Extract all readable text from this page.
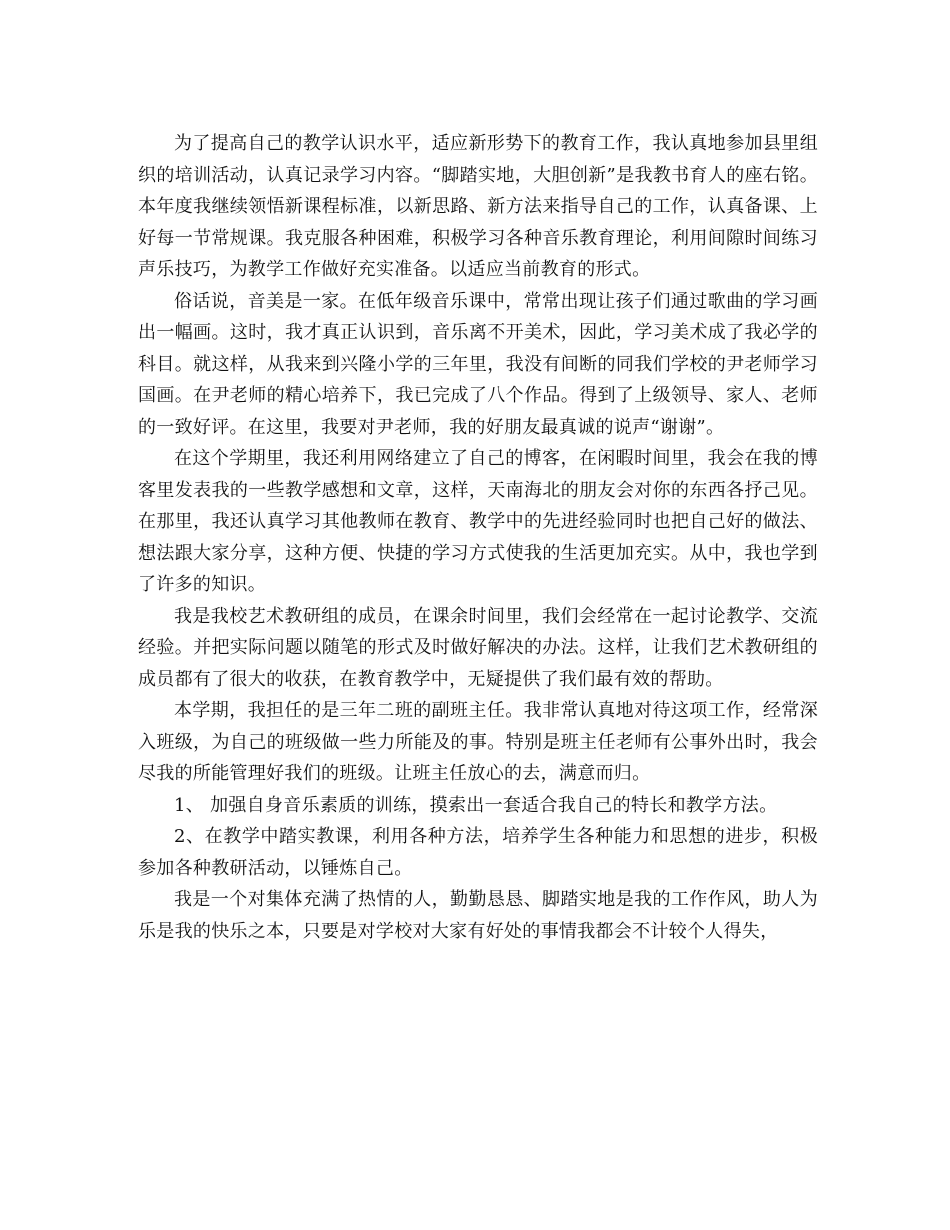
为了提高自己的教学认识水平，适应新形势下的教育工作，我认真地参加县里组织的培训活动，认真记录学习内容。“脚踏实地，大胆创新”是我教书育人的座右铭。本年度我继续领悟新课程标准，以新思路、新方法来指导自己的工作，认真备课、上好每一节常规课。我克服各种困难，积极学习各种音乐教育理论，利用间隙时间练习声乐技巧，为教学工作做好充实准备。以适应当前教育的形式。

俗话说，音美是一家。在低年级音乐课中，常常出现让孩子们通过歌曲的学习画出一幅画。这时，我才真正认识到，音乐离不开美术，因此，学习美术成了我必学的科目。就这样，从我来到兴隆小学的三年里，我没有间断的同我们学校的尹老师学习国画。在尹老师的精心培养下，我已完成了八个作品。得到了上级领导、家人、老师的一致好评。在这里，我要对尹老师，我的好朋友最真诚的说声“谢谢”。

在这个学期里，我还利用网络建立了自己的博客，在闲暇时间里，我会在我的博客里发表我的一些教学感想和文章，这样，天南海北的朋友会对你的东西各抒己见。在那里，我还认真学习其他教师在教育、教学中的先进经验同时也把自己好的做法、想法跟大家分享，这种方便、快捷的学习方式使我的生活更加充实。从中，我也学到了许多的知识。

我是我校艺术教研组的成员，在课余时间里，我们会经常在一起讨论教学、交流经验。并把实际问题以随笔的形式及时做好解决的办法。这样，让我们艺术教研组的成员都有了很大的收获，在教育教学中，无疑提供了我们最有效的帮助。

本学期，我担任的是三年二班的副班主任。我非常认真地对待这项工作，经常深入班级，为自己的班级做一些力所能及的事。特别是班主任老师有公事外出时，我会尽我的所能管理好我们的班级。让班主任放心的去，满意而归。

1、 加强自身音乐素质的训练，摸索出一套适合我自己的特长和教学方法。

2、在教学中踏实教课，利用各种方法，培养学生各种能力和思想的进步，积极参加各种教研活动，以锤炼自己。

我是一个对集体充满了热情的人，勤勤恳恳、脚踏实地是我的工作作风，助人为乐是我的快乐之本，只要是对学校对大家有好处的事情我都会不计较个人得失，
